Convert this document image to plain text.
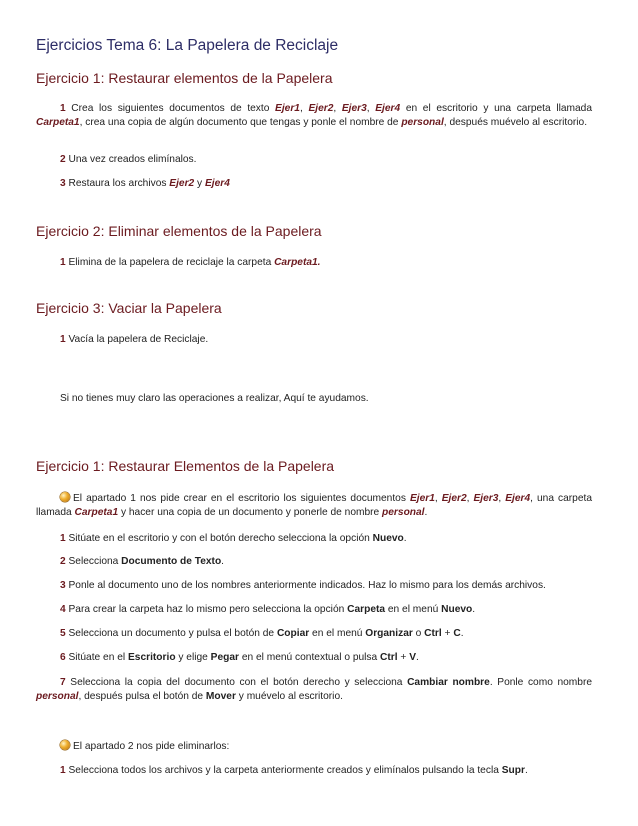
Ejercicios Tema 6: La Papelera de Reciclaje
Ejercicio 1: Restaurar elementos de la Papelera
1 Crea los siguientes documentos de texto Ejer1, Ejer2, Ejer3, Ejer4 en el escritorio y una carpeta llamada Carpeta1, crea una copia de algún documento que tengas y ponle el nombre de personal, después muévelo al escritorio.
2 Una vez creados elimínalos.
3 Restaura los archivos Ejer2 y Ejer4
Ejercicio 2: Eliminar elementos de la Papelera
1 Elimina de la papelera de reciclaje la carpeta Carpeta1.
Ejercicio 3: Vaciar la Papelera
1 Vacía la papelera de Reciclaje.
Si no tienes muy claro las operaciones a realizar, Aquí te ayudamos.
Ejercicio 1: Restaurar Elementos de la Papelera
El apartado 1 nos pide crear en el escritorio los siguientes documentos Ejer1, Ejer2, Ejer3, Ejer4, una carpeta llamada Carpeta1 y hacer una copia de un documento y ponerle de nombre personal.
1 Sitúate en el escritorio y con el botón derecho selecciona la opción Nuevo.
2 Selecciona Documento de Texto.
3 Ponle al documento uno de los nombres anteriormente indicados. Haz lo mismo para los demás archivos.
4 Para crear la carpeta haz lo mismo pero selecciona la opción Carpeta en el menú Nuevo.
5 Selecciona un documento y pulsa el botón de Copiar en el menú Organizar o Ctrl + C.
6 Sitúate en el Escritorio y elige Pegar en el menú contextual o pulsa Ctrl + V.
7 Selecciona la copia del documento con el botón derecho y selecciona Cambiar nombre. Ponle como nombre personal, después pulsa el botón de Mover y muévelo al escritorio.
El apartado 2 nos pide eliminarlos:
1 Selecciona todos los archivos y la carpeta anteriormente creados y elimínalos pulsando la tecla Supr.
